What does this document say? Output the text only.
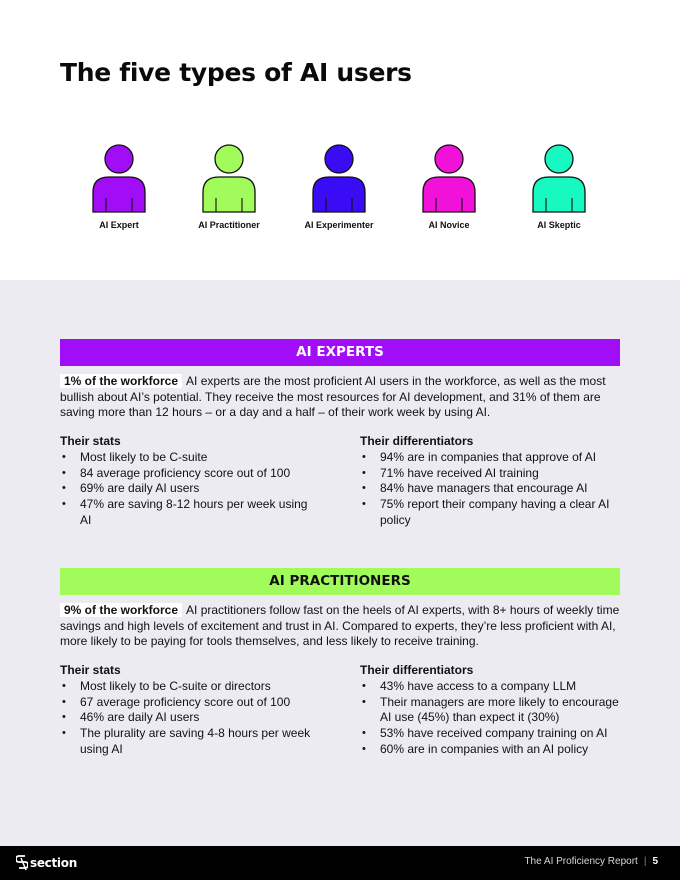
The five types of AI users
AI Expert	AI Practitioner	AI Experimenter	AI Novice	AI Skeptic
AI EXPERTS

1% of the workforce AI experts are the most proficient AI users in the workforce, as well as the most bullish about AI’s potential. They receive the most resources for AI development, and 31% of them are saving more than 12 hours – or a day and a half – of their work week by using AI.

Their stats
• Most likely to be C-suite
• 84 average proficiency score out of 100
• 69% are daily AI users
• 47% are saving 8-12 hours per week using AI
Their differentiators
• 94% are in companies that approve of AI
• 71% have received AI training
• 84% have managers that encourage AI
• 75% report their company having a clear AI policy
AI PRACTITIONERS

9% of the workforce AI practitioners follow fast on the heels of AI experts, with 8+ hours of weekly time savings and high levels of excitement and trust in AI. Compared to experts, they’re less proficient with AI, more likely to be paying for tools themselves, and less likely to receive training.

Their stats
• Most likely to be C-suite or directors
• 67 average proficiency score out of 100
• 46% are daily AI users
• The plurality are saving 4-8 hours per week using AI
Their differentiators
• 43% have access to a company LLM
• Their managers are more likely to encourage AI use (45%) than expect it (30%)
• 53% have received company training on AI
• 60% are in companies with an AI policy
section	The AI Proficiency Report | 5
